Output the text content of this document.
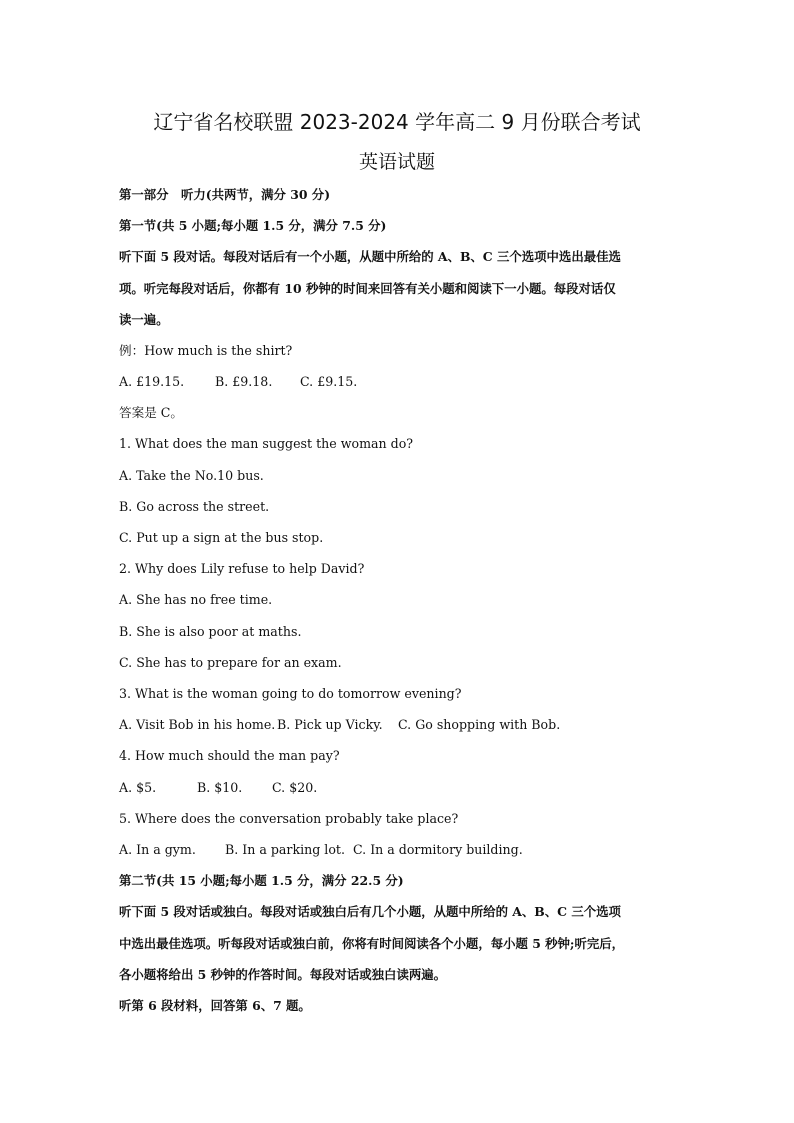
辽宁省名校联盟 2023-2024 学年高二 9 月份联合考试
英语试题
第一部分　听力(共两节，满分 30 分)
第一节(共 5 小题;每小题 1.5 分，满分 7.5 分)
听下面 5 段对话。每段对话后有一个小题，从题中所给的 A、B、C 三个选项中选出最佳选
项。听完每段对话后，你都有 10 秒钟的时间来回答有关小题和阅读下一小题。每段对话仅
读一遍。
例：How much is the shirt?
A. £19.15. B. £9.18. C. £9.15.
答案是 C。
1. What does the man suggest the woman do?
A. Take the No.10 bus.
B. Go across the street.
C. Put up a sign at the bus stop.
2. Why does Lily refuse to help David?
A. She has no free time.
B. She is also poor at maths.
C. She has to prepare for an exam.
3. What is the woman going to do tomorrow evening?
A. Visit Bob in his home. B. Pick up Vicky. C. Go shopping with Bob.
4. How much should the man pay?
A. $5.	B. $10. C. $20.
5. Where does the conversation probably take place?
A. In a gym. B. In a parking lot. C. In a dormitory building.
第二节(共 15 小题;每小题 1.5 分，满分 22.5 分)
听下面 5 段对话或独白。每段对话或独白后有几个小题，从题中所给的 A、B、C 三个选项
中选出最佳选项。听每段对话或独白前，你将有时间阅读各个小题，每小题 5 秒钟;听完后，
各小题将给出 5 秒钟的作答时间。每段对话或独白读两遍。
听第 6 段材料，回答第 6、7 题。
